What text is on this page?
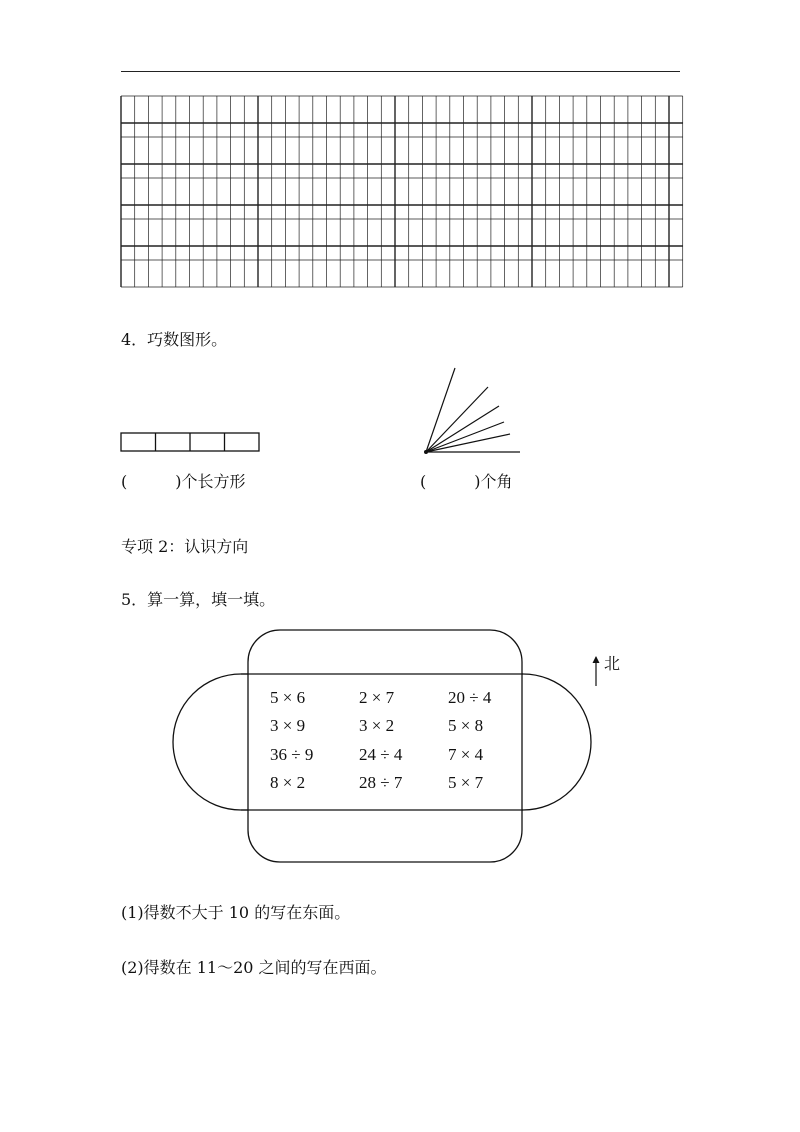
4．巧数图形。
(　　　)个长方形	(　　　)个角
专项 2：认识方向
5．算一算，填一填。
5 × 6	2 × 7	20 ÷ 4
3 × 9	3 × 2	5 × 8
36 ÷ 9	24 ÷ 4	7 × 4
8 × 2	28 ÷ 7	5 × 7
北
(1)得数不大于 10 的写在东面。
(2)得数在 11～20 之间的写在西面。
